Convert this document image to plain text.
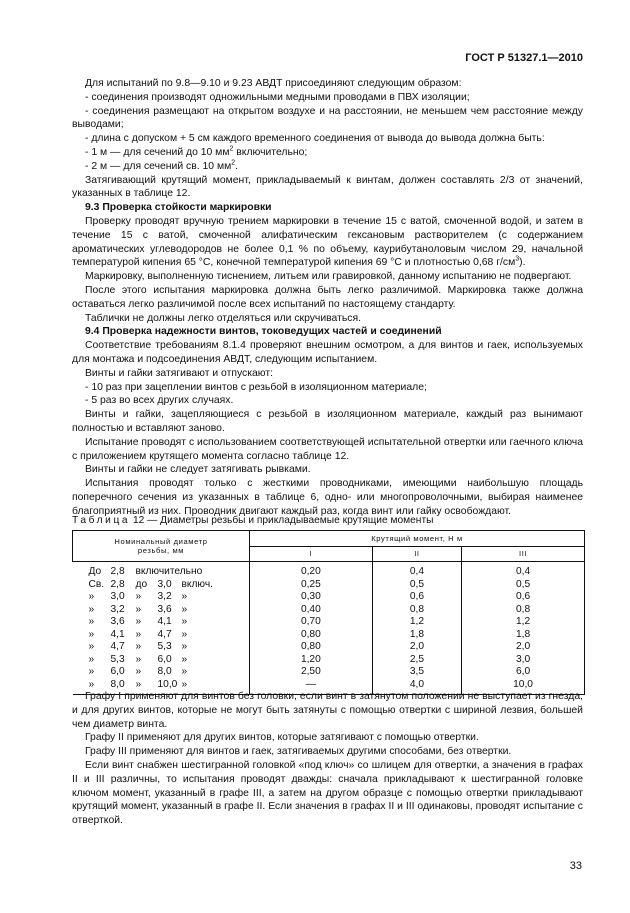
ГОСТ Р 51327.1—2010

Для испытаний по 9.8—9.10 и 9.23 АВДТ присоединяют следующим образом:

- соединения производят одножильными медными проводами в ПВХ изоляции;

- соединения размещают на открытом воздухе и на расстоянии, не меньшем чем расстояние между выводами;

- длина с допуском + 5 см каждого временного соединения от вывода до вывода должна быть:

- 1 м — для сечений до 10 $мм^2$ включительно;

- 2 м — для сечений св. 10 $мм^2$.

Затягивающий крутящий момент, прикладываемый к винтам, должен составлять 2/3 от значений, указанных в таблице 12.

9.3 Проверка стойкости маркировки

Проверку проводят вручную трением маркировки в течение 15 с ватой, смоченной водой, и затем в течение 15 с ватой, смоченной алифатическим гексановым растворителем (с содержанием ароматических углеводородов не более 0,1 % по объему, каурибутаноловым числом 29, начальной температурой кипения 65 °С, конечной температурой кипения 69 °С и плотностью 0,68 $г/см^3$).

Маркировку, выполненную тиснением, литьем или гравировкой, данному испытанию не подвергают.

После этого испытания маркировка должна быть легко различимой. Маркировка также должна оставаться легко различимой после всех испытаний по настоящему стандарту.

Таблички не должны легко отделяться или скручиваться.

9.4 Проверка надежности винтов, токоведущих частей и соединений

Соответствие требованиям 8.1.4 проверяют внешним осмотром, а для винтов и гаек, используемых для монтажа и подсоединения АВДТ, следующим испытанием.

Винты и гайки затягивают и отпускают:

- 10 раз при зацеплении винтов с резьбой в изоляционном материале;

- 5 раз во всех других случаях.

Винты и гайки, зацепляющиеся с резьбой в изоляционном материале, каждый раз вынимают полностью и вставляют заново.

Испытание проводят с использованием соответствующей испытательной отвертки или гаечного ключа с приложением крутящего момента согласно таблице 12.

Винты и гайки не следует затягивать рывками.

Испытания проводят только с жесткими проводниками, имеющими наибольшую площадь поперечного сечения из указанных в таблице 6, одно- или многопроволочными, выбирая наименее благоприятный из них. Проводник двигают каждый раз, когда винт или гайку освобождают.

Таблица 12 — Диаметры резьбы и прикладываемые крутящие моменты
Номинальный диаметр
резьбы, мм	Крутящий момент, Н м		
	I	II	III

До 2,8 включительно	0,20	0,4	0,4

Св. 2,8 до 3,0 включ.	0,25	0,5	0,5

» 3,0 » 3,2 »	0,30	0,6	0,6

» 3,2 » 3,6 »	0,40	0,8	0,8

» 3,6 » 4,1 »	0,70	1,2	1,2

» 4,1 » 4,7 »	0,80	1,8	1,8

» 4,7 » 5,3 »	0,80	2,0	2,0

» 5,3 » 6,0 »	1,20	2,5	3,0

» 6,0 » 8,0 »	2,50	3,5	6,0

» 8,0 » 10,0 »	—	4,0	10,0

Графу I применяют для винтов без головки, если винт в затянутом положении не выступает из гнезда, и для других винтов, которые не могут быть затянуты с помощью отвертки с шириной лезвия, большей чем диаметр винта.

Графу II применяют для других винтов, которые затягивают с помощью отвертки.

Графу III применяют для винтов и гаек, затягиваемых другими способами, без отвертки.

Если винт снабжен шестигранной головкой «под ключ» со шлицем для отвертки, а значения в графах II и III различны, то испытания проводят дважды: сначала прикладывают к шестигранной головке ключом момент, указанный в графе III, а затем на другом образце с помощью отвертки прикладывают крутящий момент, указанный в графе II. Если значения в графах II и III одинаковы, проводят испытание с отверткой.

33
